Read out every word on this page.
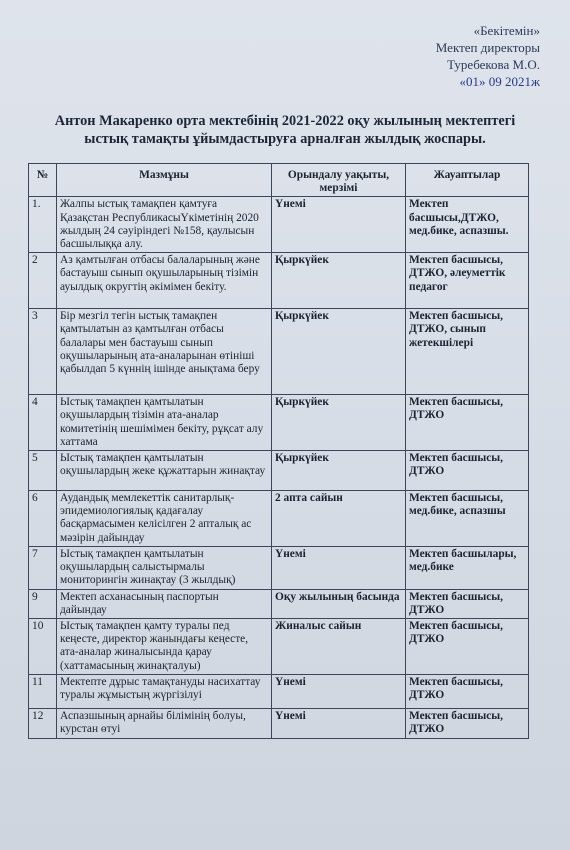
«Бекітемін»
Мектеп директоры
Туребекова М.О.
«01» 09 2021ж
Антон Макаренко орта мектебінің 2021-2022 оқу жылының мектептегі
ыстық тамақты ұйымдастыруға арналған жылдық жоспары.
№	Мазмұны	Орындалу уақыты, мерзімі	Жауаптылар
1.	Жалпы ыстық тамақпен қамтуға Қазақстан РеспубликасыҮкіметінің 2020 жылдың 24 сәуіріндегі №158, қаулысын басшылыққа алу.	Үнемі	Мектеп басшысы,ДТЖО, мед.бике, аспазшы.
2	Аз қамтылған отбасы балаларының және бастауыш сынып оқушыларының тізімін ауылдық округтің әкімімен бекіту.	Қыркүйек	Мектеп басшысы, ДТЖО, әлеуметтік педагог
3	Бір мезгіл тегін ыстық тамақпен қамтылатын аз қамтылған отбасы балалары мен бастауыш сынып оқушыларының ата-аналарынан өтініші қабылдап 5 күннің ішінде анықтама беру	Қыркүйек	Мектеп басшысы, ДТЖО, сынып жетекшілері
4	Ыстық тамақпен қамтылатын оқушылардың тізімін ата-аналар комитетінің шешімімен бекіту, рұқсат алу хаттама	Қыркүйек	Мектеп басшысы, ДТЖО
5	Ыстық тамақпен қамтылатын оқушылардың жеке құжаттарын жинақтау	Қыркүйек	Мектеп басшысы, ДТЖО
6	Аудандық мемлекеттік санитарлық-эпидемиологиялық қадағалау басқармасымен келісілген 2 апталық ас мәзірін дайындау	2 апта сайын	Мектеп басшысы, мед.бике, аспазшы
7	Ыстық тамақпен қамтылатын оқушылардың салыстырмалы мониторингін жинақтау (3 жылдық)	Үнемі	Мектеп басшылары, мед.бике
9	Мектеп асханасының паспортын дайындау	Оқу жылының басында	Мектеп басшысы, ДТЖО
10	Ыстық тамақпен қамту туралы пед кеңесте, директор жанындағы кеңесте, ата-аналар жиналысында қарау (хаттамасының жинақталуы)	Жиналыс сайын	Мектеп басшысы, ДТЖО
11	Мектепте дұрыс тамақтануды насихаттау туралы жұмыстың жүргізілуі	Үнемі	Мектеп басшысы, ДТЖО
12	Аспазшының арнайы білімінің болуы, курстан өтуі	Үнемі	Мектеп басшысы, ДТЖО
